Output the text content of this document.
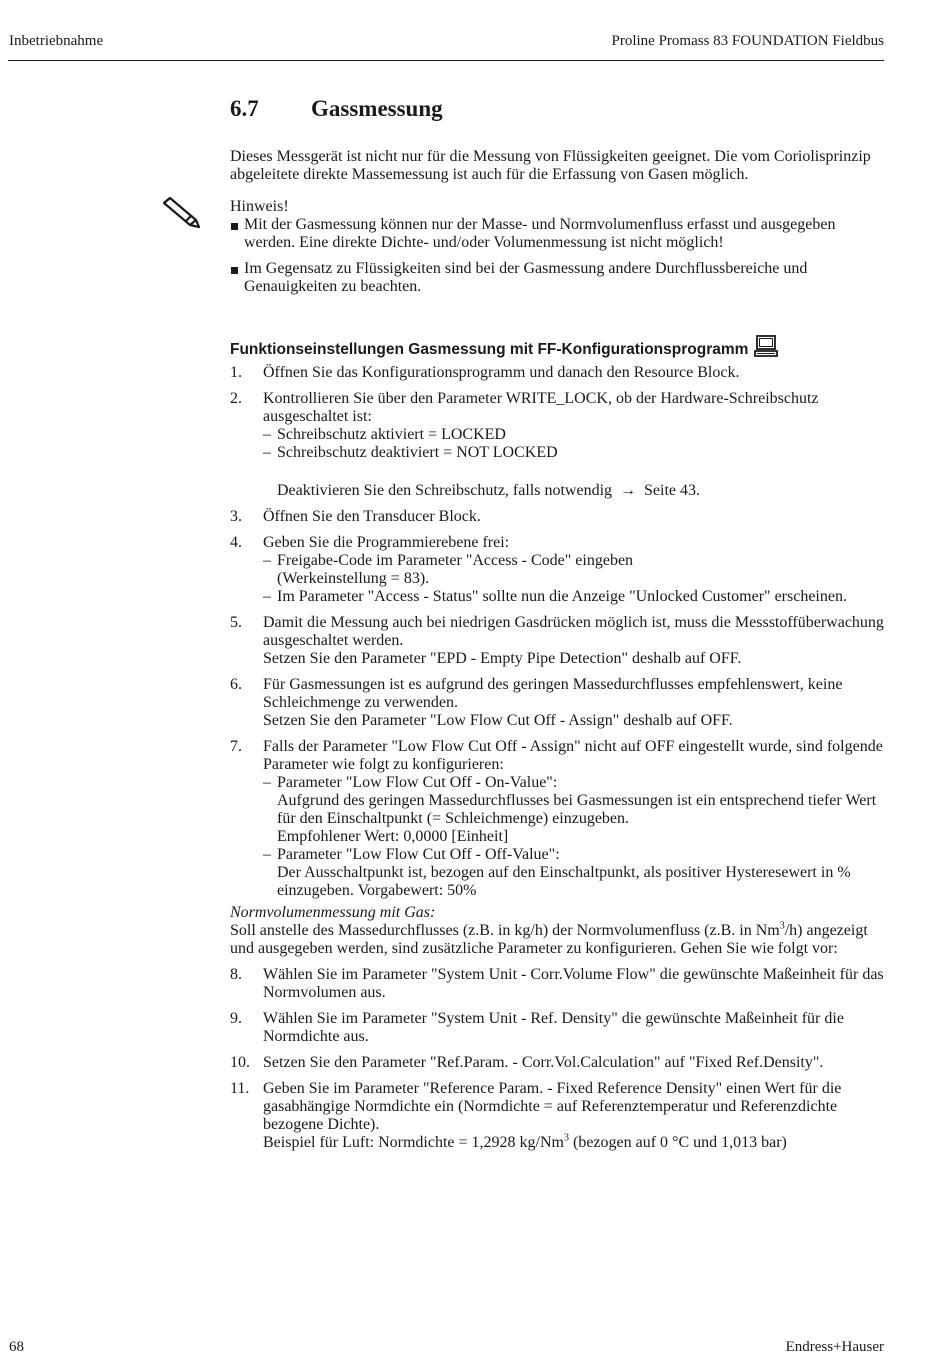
Inbetriebnahme	Proline Promass 83 FOUNDATION Fieldbus
6.7 Gassmessung

Dieses Messgerät ist nicht nur für die Messung von Flüssigkeiten geeignet. Die vom Coriolisprinzip abgeleitete direkte Massemessung ist auch für die Erfassung von Gasen möglich.

Hinweis!

Mit der Gasmessung können nur der Masse- und Normvolumenfluss erfasst und ausgegeben werden. Eine direkte Dichte- und/oder Volumenmessung ist nicht möglich!
Im Gegensatz zu Flüssigkeiten sind bei der Gasmessung andere Durchflussbereiche und Genauigkeiten zu beachten.
Funktionseinstellungen Gasmessung mit FF-Konfigurationsprogramm
1. Öffnen Sie das Konfigurationsprogramm und danach den Resource Block.
2. Kontrollieren Sie über den Parameter WRITE_LOCK, ob der Hardware-Schreibschutz ausgeschaltet ist:
– Schreibschutz aktiviert = LOCKED
– Schreibschutz deaktiviert = NOT LOCKED
Deaktivieren Sie den Schreibschutz, falls notwendig → Seite 43.
3. Öffnen Sie den Transducer Block.
4. Geben Sie die Programmierebene frei:
– Freigabe-Code im Parameter "Access - Code" eingeben
(Werkeinstellung = 83).
– Im Parameter "Access - Status" sollte nun die Anzeige "Unlocked Customer" erscheinen.
5. Damit die Messung auch bei niedrigen Gasdrücken möglich ist, muss die Messstoffüberwachung ausgeschaltet werden.
Setzen Sie den Parameter "EPD - Empty Pipe Detection" deshalb auf OFF.
6. Für Gasmessungen ist es aufgrund des geringen Massedurchflusses empfehlenswert, keine Schleichmenge zu verwenden.
Setzen Sie den Parameter "Low Flow Cut Off - Assign" deshalb auf OFF.
7. Falls der Parameter "Low Flow Cut Off - Assign" nicht auf OFF eingestellt wurde, sind folgende Parameter wie folgt zu konfigurieren:
– Parameter "Low Flow Cut Off - On-Value":
Aufgrund des geringen Massedurchflusses bei Gasmessungen ist ein entsprechend tiefer Wert für den Einschaltpunkt (= Schleichmenge) einzugeben.
Empfohlener Wert: 0,0000 [Einheit]
– Parameter "Low Flow Cut Off - Off-Value":
Der Ausschaltpunkt ist, bezogen auf den Einschaltpunkt, als positiver Hysteresewert in % einzugeben. Vorgabewert: 50%

Normvolumenmessung mit Gas:

Soll anstelle des Massedurchflusses (z.B. in kg/h) der Normvolumenfluss (z.B. in Nm$^3$/h) angezeigt und ausgegeben werden, sind zusätzliche Parameter zu konfigurieren. Gehen Sie wie folgt vor:

8. Wählen Sie im Parameter "System Unit - Corr.Volume Flow" die gewünschte Maßeinheit für das Normvolumen aus.
9. Wählen Sie im Parameter "System Unit - Ref. Density" die gewünschte Maßeinheit für die Normdichte aus.
10. Setzen Sie den Parameter "Ref.Param. - Corr.Vol.Calculation" auf "Fixed Ref.Density".
11. Geben Sie im Parameter "Reference Param. - Fixed Reference Density" einen Wert für die gasabhängige Normdichte ein (Normdichte = auf Referenztemperatur und Referenzdichte bezogene Dichte).
Beispiel für Luft: Normdichte = 1,2928 kg/Nm$^3$ (bezogen auf 0 °C und 1,013 bar)
68	Endress+Hauser
